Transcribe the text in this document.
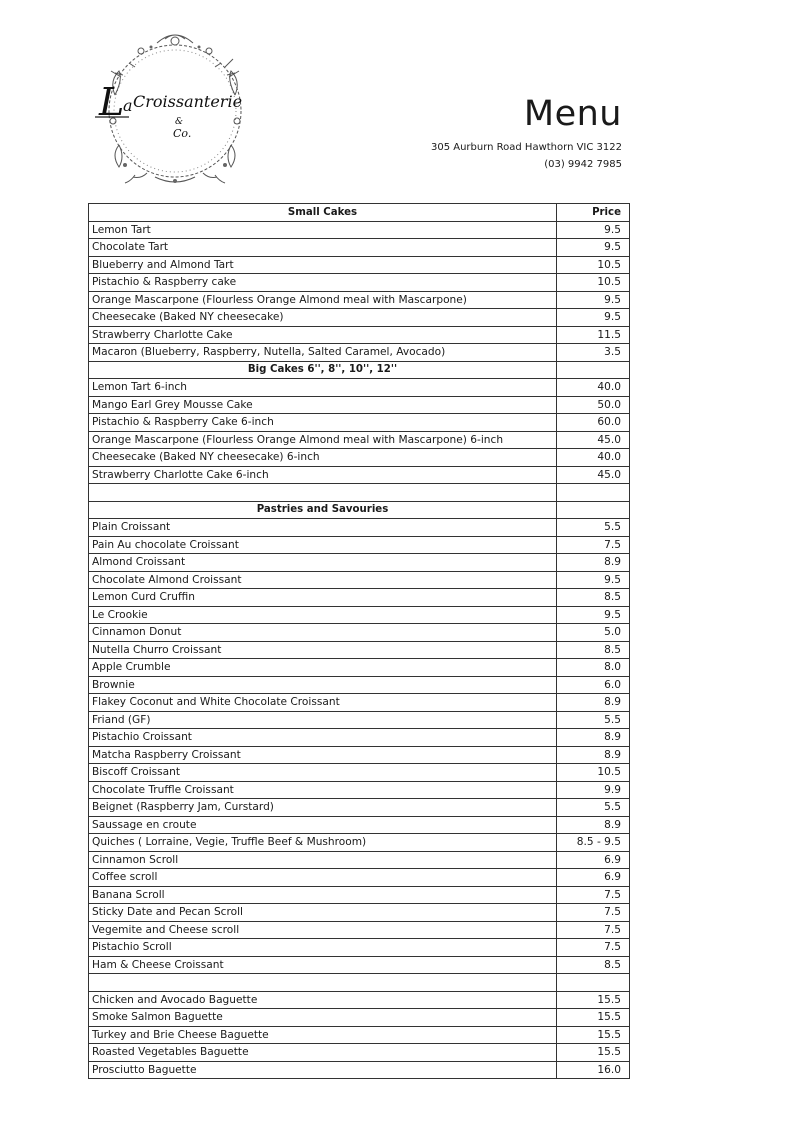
L
a Croissanterie
&
Co.	Menu
305 Aurburn Road Hawthorn VIC 3122
(03) 9942 7985
Small Cakes	Price
Lemon Tart	9.5
Chocolate Tart	9.5
Blueberry and Almond Tart	10.5
Pistachio & Raspberry cake	10.5
Orange Mascarpone (Flourless Orange Almond meal with Mascarpone)	9.5
Cheesecake (Baked NY cheesecake)	9.5
Strawberry Charlotte Cake	11.5
Macaron (Blueberry, Raspberry, Nutella, Salted Caramel, Avocado)	3.5
Big Cakes 6'', 8'', 10'', 12''	
Lemon Tart 6-inch	40.0
Mango Earl Grey Mousse Cake	50.0
Pistachio & Raspberry Cake 6-inch	60.0
Orange Mascarpone (Flourless Orange Almond meal with Mascarpone) 6-inch	45.0
Cheesecake (Baked NY cheesecake) 6-inch	40.0
Strawberry Charlotte Cake 6-inch	45.0

Pastries and Savouries	
Plain Croissant	5.5
Pain Au chocolate Croissant	7.5
Almond Croissant	8.9
Chocolate Almond Croissant	9.5
Lemon Curd Cruffin	8.5
Le Crookie	9.5
Cinnamon Donut	5.0
Nutella Churro Croissant	8.5
Apple Crumble	8.0
Brownie	6.0
Flakey Coconut and White Chocolate Croissant	8.9
Friand (GF)	5.5
Pistachio Croissant	8.9
Matcha Raspberry Croissant	8.9
Biscoff Croissant	10.5
Chocolate Truffle Croissant	9.9
Beignet (Raspberry Jam, Curstard)	5.5
Saussage en croute	8.9
Quiches ( Lorraine, Vegie, Truffle Beef & Mushroom)	8.5 - 9.5
Cinnamon Scroll	6.9
Coffee scroll	6.9
Banana Scroll	7.5
Sticky Date and Pecan Scroll	7.5
Vegemite and Cheese scroll	7.5
Pistachio Scroll	7.5
Ham & Cheese Croissant	8.5

Chicken and Avocado Baguette	15.5
Smoke Salmon Baguette	15.5
Turkey and Brie Cheese Baguette	15.5
Roasted Vegetables Baguette	15.5
Prosciutto Baguette	16.0
